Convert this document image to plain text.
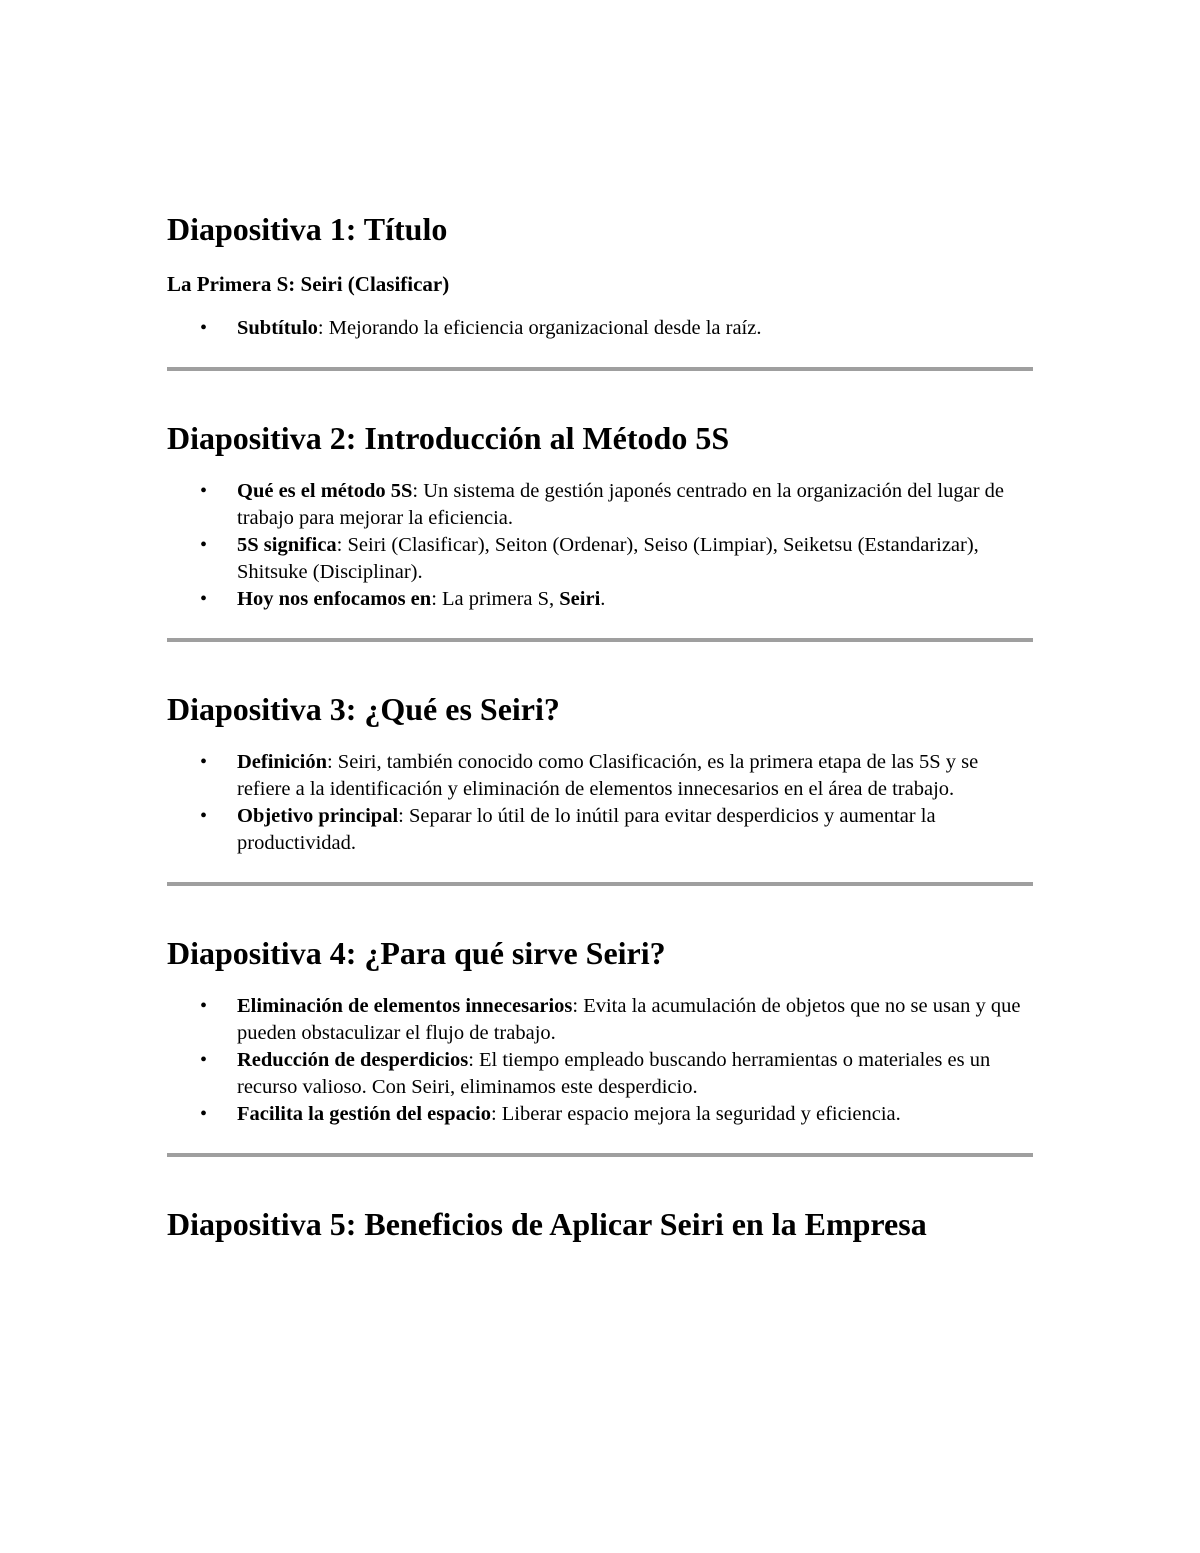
Diapositiva 1: Título
La Primera S: Seiri (Clasificar)
• Subtítulo: Mejorando la eficiencia organizacional desde la raíz.
Diapositiva 2: Introducción al Método 5S
• Qué es el método 5S: Un sistema de gestión japonés centrado en la organización del lugar de trabajo para mejorar la eficiencia.
• 5S significa: Seiri (Clasificar), Seiton (Ordenar), Seiso (Limpiar), Seiketsu (Estandarizar), Shitsuke (Disciplinar).
• Hoy nos enfocamos en: La primera S, Seiri.
Diapositiva 3: ¿Qué es Seiri?
• Definición: Seiri, también conocido como Clasificación, es la primera etapa de las 5S y se refiere a la identificación y eliminación de elementos innecesarios en el área de trabajo.
• Objetivo principal: Separar lo útil de lo inútil para evitar desperdicios y aumentar la productividad.
Diapositiva 4: ¿Para qué sirve Seiri?
• Eliminación de elementos innecesarios: Evita la acumulación de objetos que no se usan y que pueden obstaculizar el flujo de trabajo.
• Reducción de desperdicios: El tiempo empleado buscando herramientas o materiales es un recurso valioso. Con Seiri, eliminamos este desperdicio.
• Facilita la gestión del espacio: Liberar espacio mejora la seguridad y eficiencia.
Diapositiva 5: Beneficios de Aplicar Seiri en la Empresa
